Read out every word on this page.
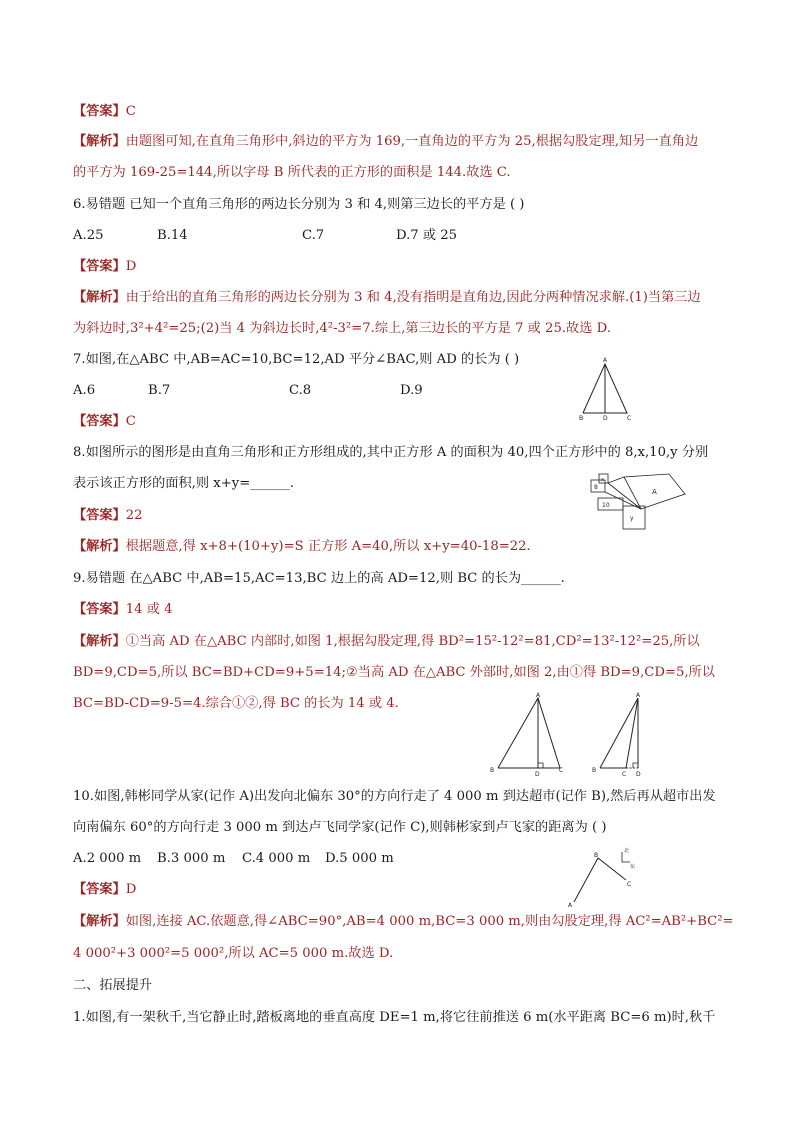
【答案】C
【解析】由题图可知,在直角三角形中,斜边的平方为 169,一直角边的平方为 25,根据勾股定理,知另一直角边
的平方为 169-25=144,所以字母 B 所代表的正方形的面积是 144.故选 C.
6.易错题 已知一个直角三角形的两边长分别为 3 和 4,则第三边长的平方是 ( )
A.25	B.14	C.7	D.7 或 25
【答案】D
【解析】由于给出的直角三角形的两边长分别为 3 和 4,没有指明是直角边,因此分两种情况求解.(1)当第三边
为斜边时,3²+4²=25;(2)当 4 为斜边长时,4²-3²=7.综上,第三边长的平方是 7 或 25.故选 D.
7.如图,在△ABC 中,AB=AC=10,BC=12,AD 平分∠BAC,则 AD 的长为 ( )
A.6	B.7	C.8	D.9
【答案】C
A
B	D	C
8.如图所示的图形是由直角三角形和正方形组成的,其中正方形 A 的面积为 40,四个正方形中的 8,x,10,y 分别
表示该正方形的面积,则 x+y=______.	x
8
10
y
A
【答案】22
【解析】根据题意,得 x+8+(10+y)=S 正方形 A=40,所以 x+y=40-18=22.
9.易错题 在△ABC 中,AB=15,AC=13,BC 边上的高 AD=12,则 BC 的长为______.
【答案】14 或 4
【解析】①当高 AD 在△ABC 内部时,如图 1,根据勾股定理,得 BD²=15²-12²=81,CD²=13²-12²=25,所以
BD=9,CD=5,所以 BC=BD+CD=9+5=14;②当高 AD 在△ABC 外部时,如图 2,由①得 BD=9,CD=5,所以
BC=BD-CD=9-5=4.综合①②,得 BC 的长为 14 或 4.
A
B
D
C
A
B
D
C
10.如图,韩彬同学从家(记作 A)出发向北偏东 30°的方向行走了 4 000 m 到达超市(记作 B),然后再从超市出发
向南偏东 60°的方向行走 3 000 m 到达卢飞同学家(记作 C),则韩彬家到卢飞家的距离为 ( )
A.2 000 m B.3 000 m C.4 000 m D.5 000 m	B
C
A
北
东
【答案】D
【解析】如图,连接 AC.依题意,得∠ABC=90°,AB=4 000 m,BC=3 000 m,则由勾股定理,得 AC²=AB²+BC²=
4 000²+3 000²=5 000²,所以 AC=5 000 m.故选 D.
二、拓展提升
1.如图,有一架秋千,当它静止时,踏板离地的垂直高度 DE=1 m,将它往前推送 6 m(水平距离 BC=6 m)时,秋千
